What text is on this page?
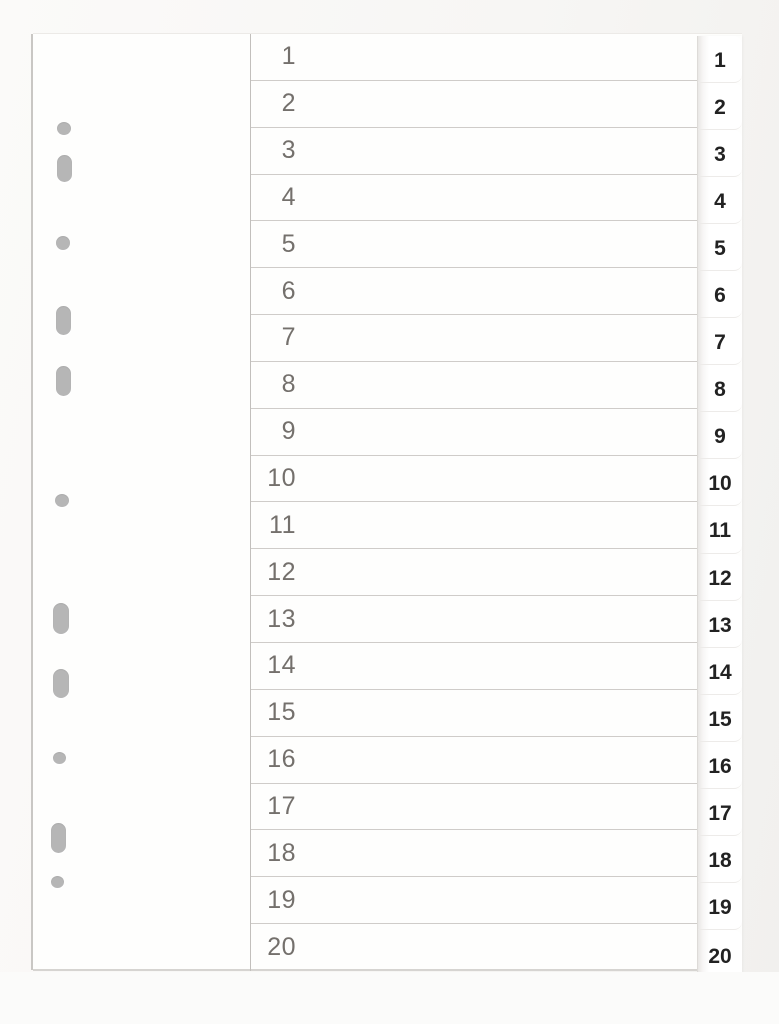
1
2
3
4
5
6
7
8
9
10
11
12
13
14
15
16
17
18
19
20
1
2
3
4
5
6
7
8
9
10
11
12
13
14
15
16
17
18
19
20
